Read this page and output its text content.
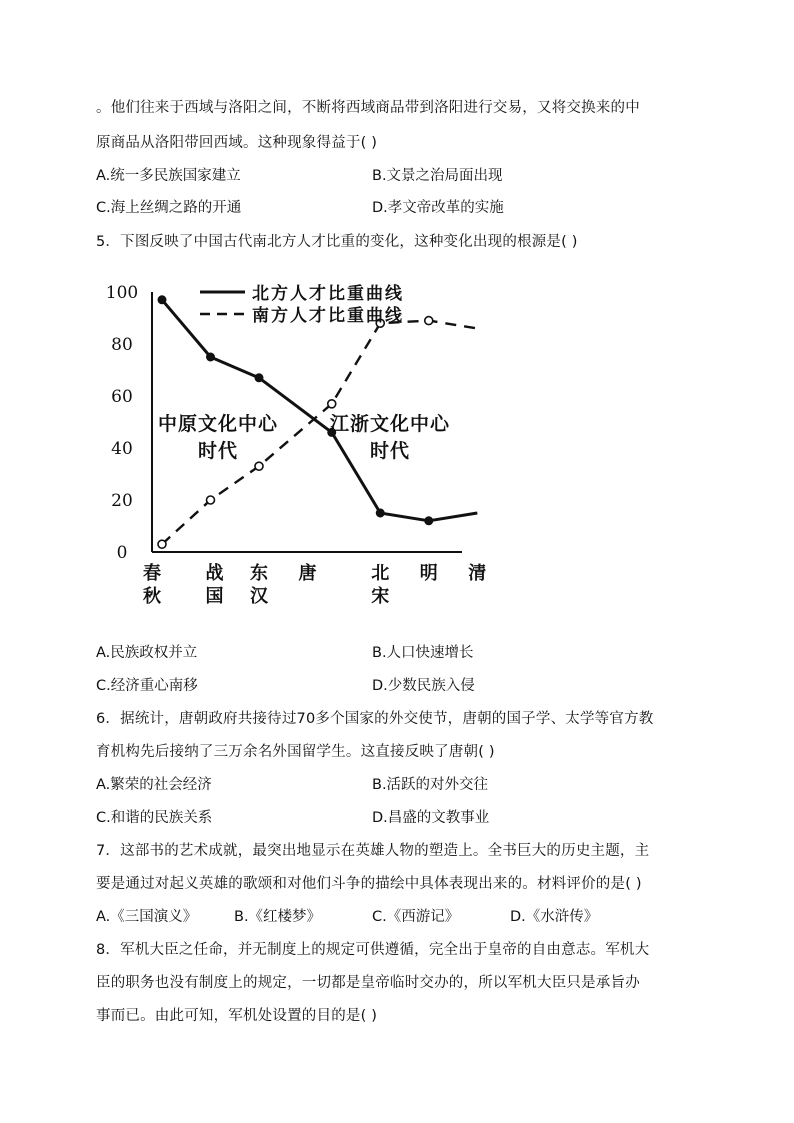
。他们往来于西域与洛阳之间，不断将西域商品带到洛阳进行交易，又将交换来的中
原商品从洛阳带回西域。这种现象得益于( )
A.统一多民族国家建立	B.文景之治局面出现
C.海上丝绸之路的开通	D.孝文帝改革的实施
5．下图反映了中国古代南北方人才比重的变化，这种变化出现的根源是( )
100
80
60
40
20
0
春
秋
战
国
东
汉
唐	北
宋
明 清
北方人才比重曲线
南方人才比重曲线
中原文化中心
时代
江浙文化中心
时代
A.民族政权并立	B.人口快速增长
C.经济重心南移	D.少数民族入侵
6．据统计，唐朝政府共接待过70多个国家的外交使节，唐朝的国子学、太学等官方教
育机构先后接纳了三万余名外国留学生。这直接反映了唐朝( )
A.繁荣的社会经济	B.活跃的对外交往
C.和谐的民族关系	D.昌盛的文教事业
7．这部书的艺术成就，最突出地显示在英雄人物的塑造上。全书巨大的历史主题，主
要是通过对起义英雄的歌颂和对他们斗争的描绘中具体表现出来的。材料评价的是( )
A.《三国演义》	B.《红楼梦》	C.《西游记》	D.《水浒传》
8．军机大臣之任命，并无制度上的规定可供遵循，完全出于皇帝的自由意志。军机大
臣的职务也没有制度上的规定，一切都是皇帝临时交办的，所以军机大臣只是承旨办
事而已。由此可知，军机处设置的目的是( )
